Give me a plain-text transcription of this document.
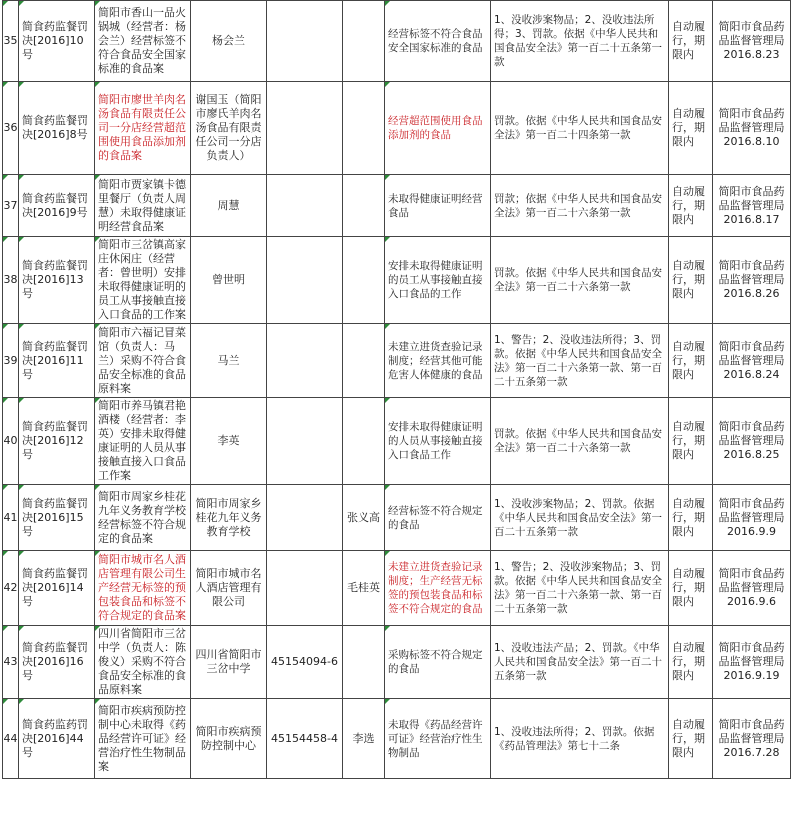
35	简食药监餐罚决[2016]10号	简阳市香山一品火锅城（经营者：杨会兰）经营标签不符合食品安全国家标准的食品案	杨会兰			经营标签不符合食品安全国家标准的食品	1、没收涉案物品；2、没收违法所得；3、罚款。依据《中华人民共和国食品安全法》第一百二十五条第一款	自动履行，期限内	简阳市食品药品监督管理局
2016.8.23

36	简食药监餐罚决[2016]8号	简阳市廖世羊肉名汤食品有限责任公司一分店经营超范围使用食品添加剂的食品案	谢国玉（简阳市廖氏羊肉名汤食品有限责任公司一分店负责人）			经营超范围使用食品添加剂的食品	罚款。依据《中华人民共和国食品安全法》第一百二十四条第一款	自动履行，期限内	简阳市食品药品监督管理局
2016.8.10

37	简食药监餐罚决[2016]9号	简阳市贾家镇卡德里餐厅（负责人周慧）未取得健康证明经营食品案	周慧			未取得健康证明经营食品	罚款；依据《中华人民共和国食品安全法》第一百二十六条第一款	自动履行，期限内	简阳市食品药品监督管理局
2016.8.17

38	简食药监餐罚决[2016]13号	简阳市三岔镇高家庄休闲庄（经营者：曾世明）安排未取得健康证明的员工从事接触直接入口食品的工作案	曾世明			安排未取得健康证明的员工从事接触直接入口食品的工作	罚款。依据《中华人民共和国食品安全法》第一百二十六条第一款	自动履行，期限内	简阳市食品药品监督管理局
2016.8.26

39	简食药监餐罚决[2016]11号	简阳市六福记冒菜馆（负责人：马兰）采购不符合食品安全标准的食品原料案	马兰			未建立进货查验记录制度；经营其他可能危害人体健康的食品	1、警告；2、没收违法所得；3、罚款。依据《中华人民共和国食品安全法》第一百二十六条第一款、第一百二十五条第一款	自动履行，期限内	简阳市食品药品监督管理局
2016.8.24

40	简食药监餐罚决[2016]12号	简阳市养马镇君艳酒楼（经营者：李英）安排未取得健康证明的人员从事接触直接入口食品工作案	李英			安排未取得健康证明的人员从事接触直接入口食品工作	罚款。依据《中华人民共和国食品安全法》第一百二十六条第一款	自动履行，期限内	简阳市食品药品监督管理局
2016.8.25

41	简食药监餐罚决[2016]15号	简阳市周家乡桂花九年义务教育学校经营标签不符合规定的食品案	简阳市周家乡桂花九年义务教育学校		张义高	经营标签不符合规定的食品	1、没收涉案物品；2、罚款。依据《中华人民共和国食品安全法》第一百二十五条第一款	自动履行，期限内	简阳市食品药品监督管理局
2016.9.9

42	简食药监餐罚决[2016]14号	简阳市城市名人酒店管理有限公司生产经营无标签的预包装食品和标签不符合规定的食品案	简阳市城市名人酒店管理有限公司		毛桂英	未建立进货查验记录制度；生产经营无标签的预包装食品和标签不符合规定的食品	1、警告；2、没收涉案物品；3、罚款。依据《中华人民共和国食品安全法》第一百二十六条第一款、第一百二十五条第一款	自动履行，期限内	简阳市食品药品监督管理局
2016.9.6

43	简食药监餐罚决[2016]16号	四川省简阳市三岔中学（负责人：陈俊义）采购不符合食品安全标准的食品原料案	四川省简阳市三岔中学	45154094-6		采购标签不符合规定的食品	1、没收违法产品；2、罚款。《中华人民共和国食品安全法》第一百二十五条第一款	自动履行，期限内	简阳市食品药品监督管理局
2016.9.19

44	简食药监药罚决[2016]44号	简阳市疾病预防控制中心未取得《药品经营许可证》经营治疗性生物制品案	简阳市疾病预防控制中心	45154458-4	李选	未取得《药品经营许可证》经营治疗性生物制品	1、没收违法所得；2、罚款。依据《药品管理法》第七十二条	自动履行，期限内	简阳市食品药品监督管理局
2016.7.28
